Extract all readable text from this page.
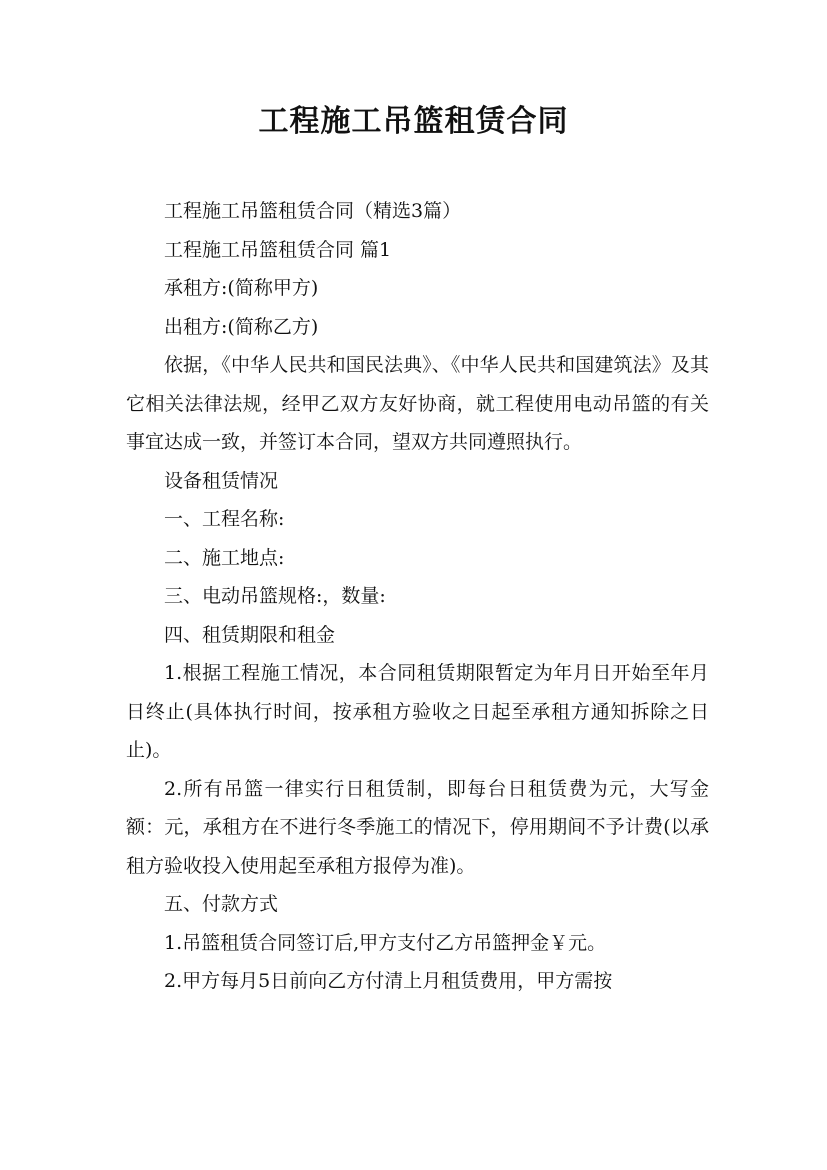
工程施工吊篮租赁合同

工程施工吊篮租赁合同（精选3篇）

工程施工吊篮租赁合同 篇1

承租方:(简称甲方)

出租方:(简称乙方)

依据，《中华人民共和国民法典》、《中华人民共和国建筑法》及其它相关法律法规，经甲乙双方友好协商，就工程使用电动吊篮的有关事宜达成一致，并签订本合同，望双方共同遵照执行。

设备租赁情况

一、工程名称:

二、施工地点:

三、电动吊篮规格:，数量:

四、租赁期限和租金

1.根据工程施工情况，本合同租赁期限暂定为年月日开始至年月日终止(具体执行时间，按承租方验收之日起至承租方通知拆除之日止)。

2.所有吊篮一律实行日租赁制，即每台日租赁费为元，大写金额：元，承租方在不进行冬季施工的情况下，停用期间不予计费(以承租方验收投入使用起至承租方报停为准)。

五、付款方式

1.吊篮租赁合同签订后,甲方支付乙方吊篮押金￥元。

2.甲方每月5日前向乙方付清上月租赁费用，甲方需按
